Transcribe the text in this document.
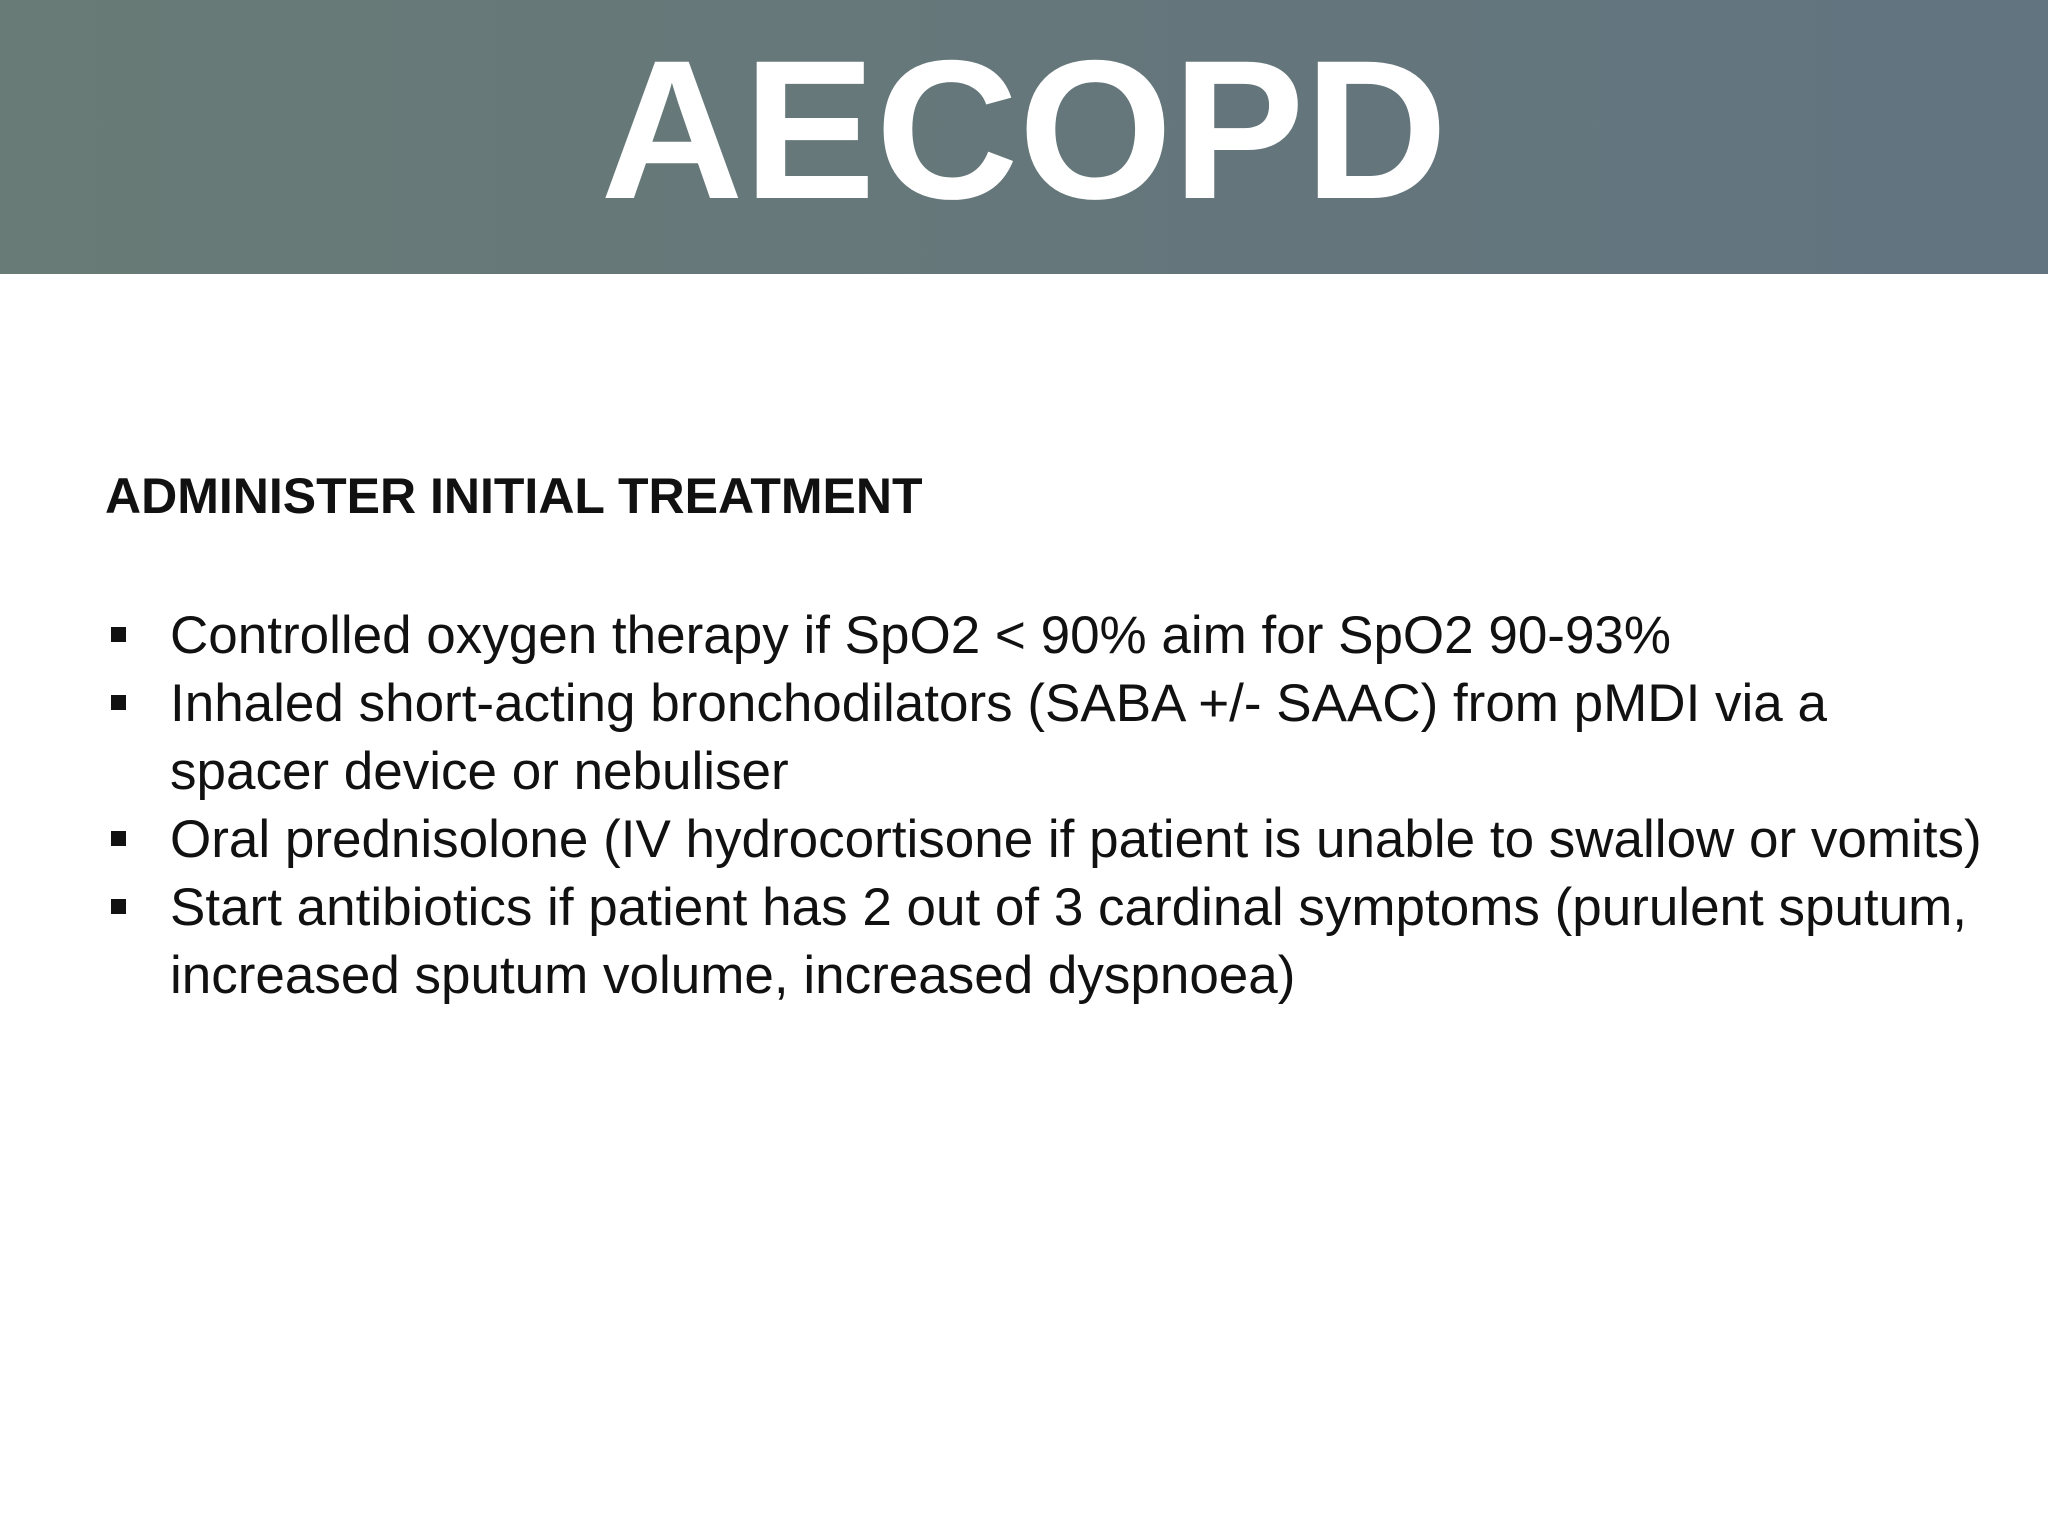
AECOPD
ADMINISTER INITIAL TREATMENT
Controlled oxygen therapy if SpO2 < 90% aim for SpO2 90-93%
Inhaled short-acting bronchodilators (SABA +/- SAAC) from pMDI via a spacer device or nebuliser
Oral prednisolone (IV hydrocortisone if patient is unable to swallow or vomits)
Start antibiotics if patient has 2 out of 3 cardinal symptoms (purulent sputum, increased sputum volume, increased dyspnoea)
